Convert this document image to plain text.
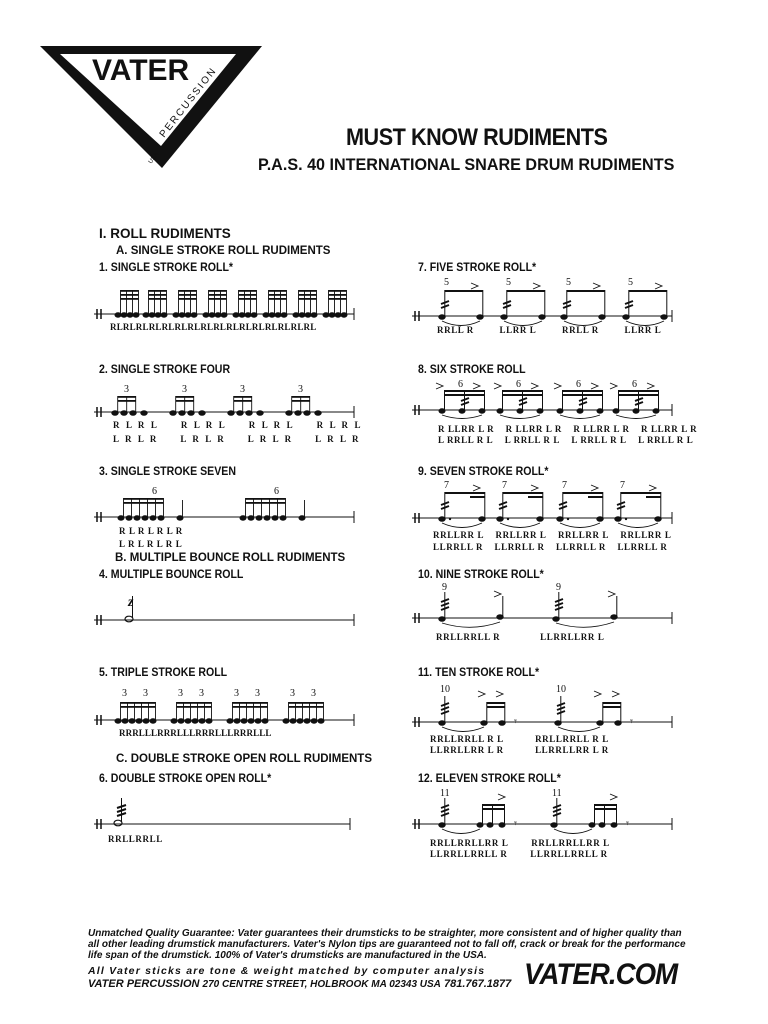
VATER
PERCUSSION
USA
MUST KNOW RUDIMENTS
P.A.S. 40 INTERNATIONAL SNARE DRUM RUDIMENTS
I. ROLL RUDIMENTS
A. SINGLE STROKE ROLL RUDIMENTS
B. MULTIPLE BOUNCE ROLL RUDIMENTS
C. DOUBLE STROKE OPEN ROLL RUDIMENTS
1. SINGLE STROKE ROLL*
2. SINGLE STROKE FOUR
3. SINGLE STROKE SEVEN
4. MULTIPLE BOUNCE ROLL
5. TRIPLE STROKE ROLL
6. DOUBLE STROKE OPEN ROLL*
7. FIVE STROKE ROLL*
8. SIX STROKE ROLL
9. SEVEN STROKE ROLL*
10. NINE STROKE ROLL*
11. TEN STROKE ROLL*
12. ELEVEN STROKE ROLL*
RLRLRLRLRLRLRLRLRLRLRLRLRLRLRLRL
3
R L R L	R L R L	R L R L	R L R L
L R L R	L R L R	L R L R	L R L R
6
R L R L R L R
L R L R L R L
z
3 3
RRRLLLRRRLLLRRRLLLRRRLLL
RRLLRRLL
5
RRLL R	LLRR L	RRLL R	LLRR L
6
R LLRR L R R LLRR L R R LLRR L R R LLRR L R
L RRLL R L L RRLL R L L RRLL R L L RRLL R L
7
RRLLRR L RRLLRR L RRLLRR L RRLLRR L
LLRRLL R LLRRLL R LLRRLL R LLRRLL R
9
RRLLRRLL R	LLRRLLRR L
10
𝄾
RRLLRRLL R L	RRLLRRLL R L
LLRRLLRR L R	LLRRLLRR L R
11
𝄾
RRLLRRLLRR L	RRLLRRLLRR L
LLRRLLRRLL R	LLRRLLRRLL R
Unmatched Quality Guarantee: Vater guarantees their drumsticks to be straighter, more consistent and of higher quality than all other leading drumstick manufacturers. Vater's Nylon tips are guaranteed not to fall off, crack or break for the performance life span of the drumstick. 100% of Vater's drumsticks are manufactured in the USA.
All Vater sticks are tone & weight matched by computer analysis
VATER PERCUSSION 270 CENTRE STREET, HOLBROOK MA 02343 USA 781.767.1877 VATER.COM
